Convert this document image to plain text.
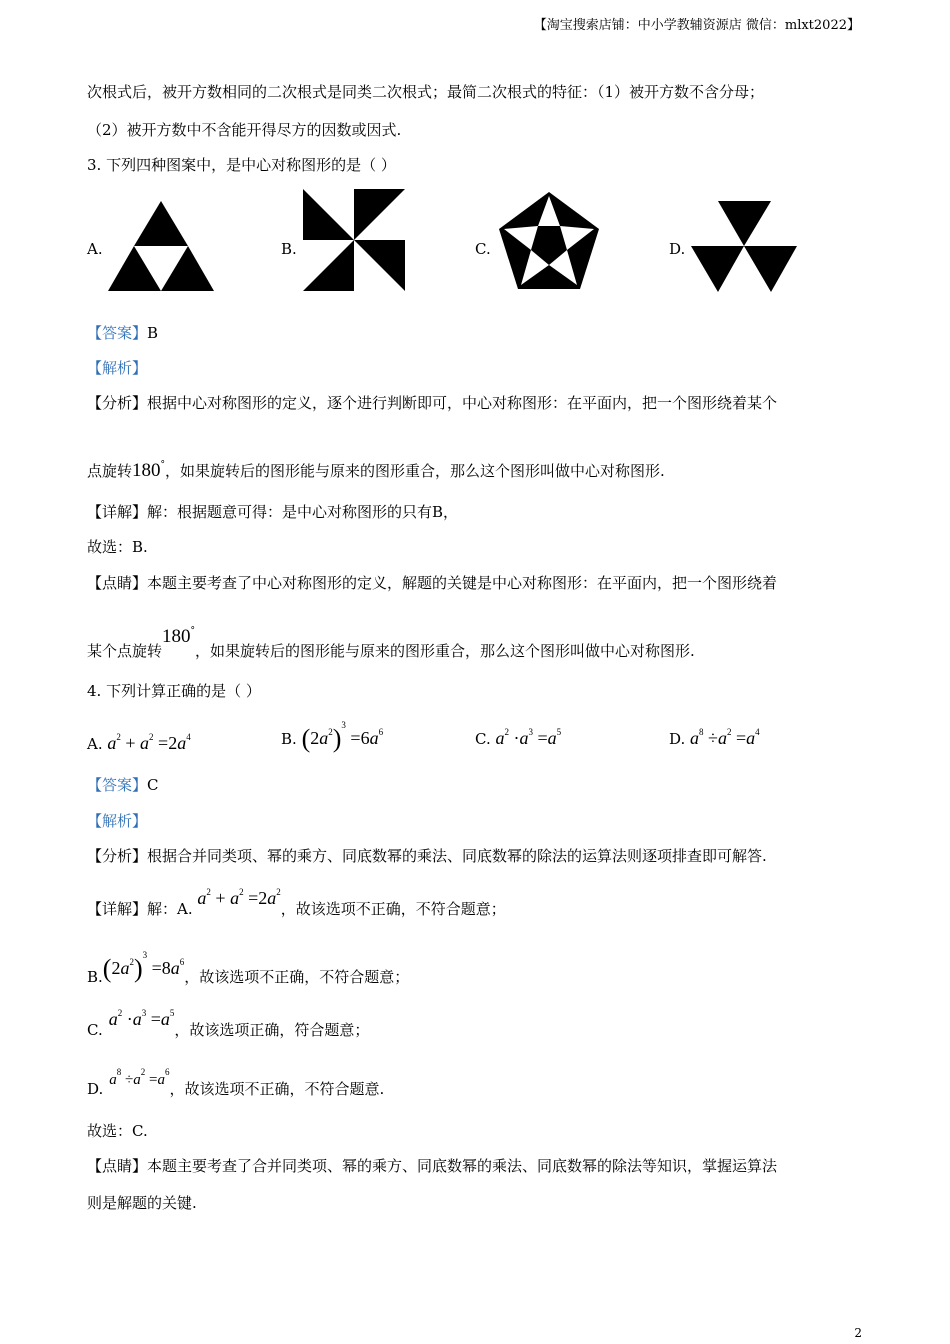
【淘宝搜索店铺：中小学教辅资源店 微信：mlxt2022】
次根式后，被开方数相同的二次根式是同类二次根式；最简二次根式的特征：（1）被开方数不含分母；
（2）被开方数中不含能开得尽方的因数或因式.
3. 下列四种图案中，是中心对称图形的是（ ）
A.	B.	C.	D.
【答案】B
【解析】
【分析】根据中心对称图形的定义，逐个进行判断即可，中心对称图形：在平面内，把一个图形绕着某个
点旋转180°，如果旋转后的图形能与原来的图形重合，那么这个图形叫做中心对称图形.
【详解】解：根据题意可得：是中心对称图形的只有B，
故选：B.
【点睛】本题主要考查了中心对称图形的定义，解题的关键是中心对称图形：在平面内，把一个图形绕着
某个点旋转180°，如果旋转后的图形能与原来的图形重合，那么这个图形叫做中心对称图形.
4. 下列计算正确的是（ ）
A. $a^2 + a^2 =2a^4$	B. $(2a^2)^3 =6a^6$	C. $a^2 \cdot a^3 =a^5$	D. $a^8 \div a^2 =a^4$
【答案】C
【解析】
【分析】根据合并同类项、幂的乘方、同底数幂的乘法、同底数幂的除法的运算法则逐项排查即可解答.
【详解】解：A. $a^2 + a^2 =2a^2$，故该选项不正确，不符合题意；
$B.(2a^2)^3 =8a^6$，故该选项不正确，不符合题意；
$C.a^2 \cdot a^3 =a^5$，故该选项正确，符合题意；
D. $a^8 \div a^2 =a^6$，故该选项不正确，不符合题意.
故选：C.
【点睛】本题主要考查了合并同类项、幂的乘方、同底数幂的乘法、同底数幂的除法等知识，掌握运算法
则是解题的关键.
2
